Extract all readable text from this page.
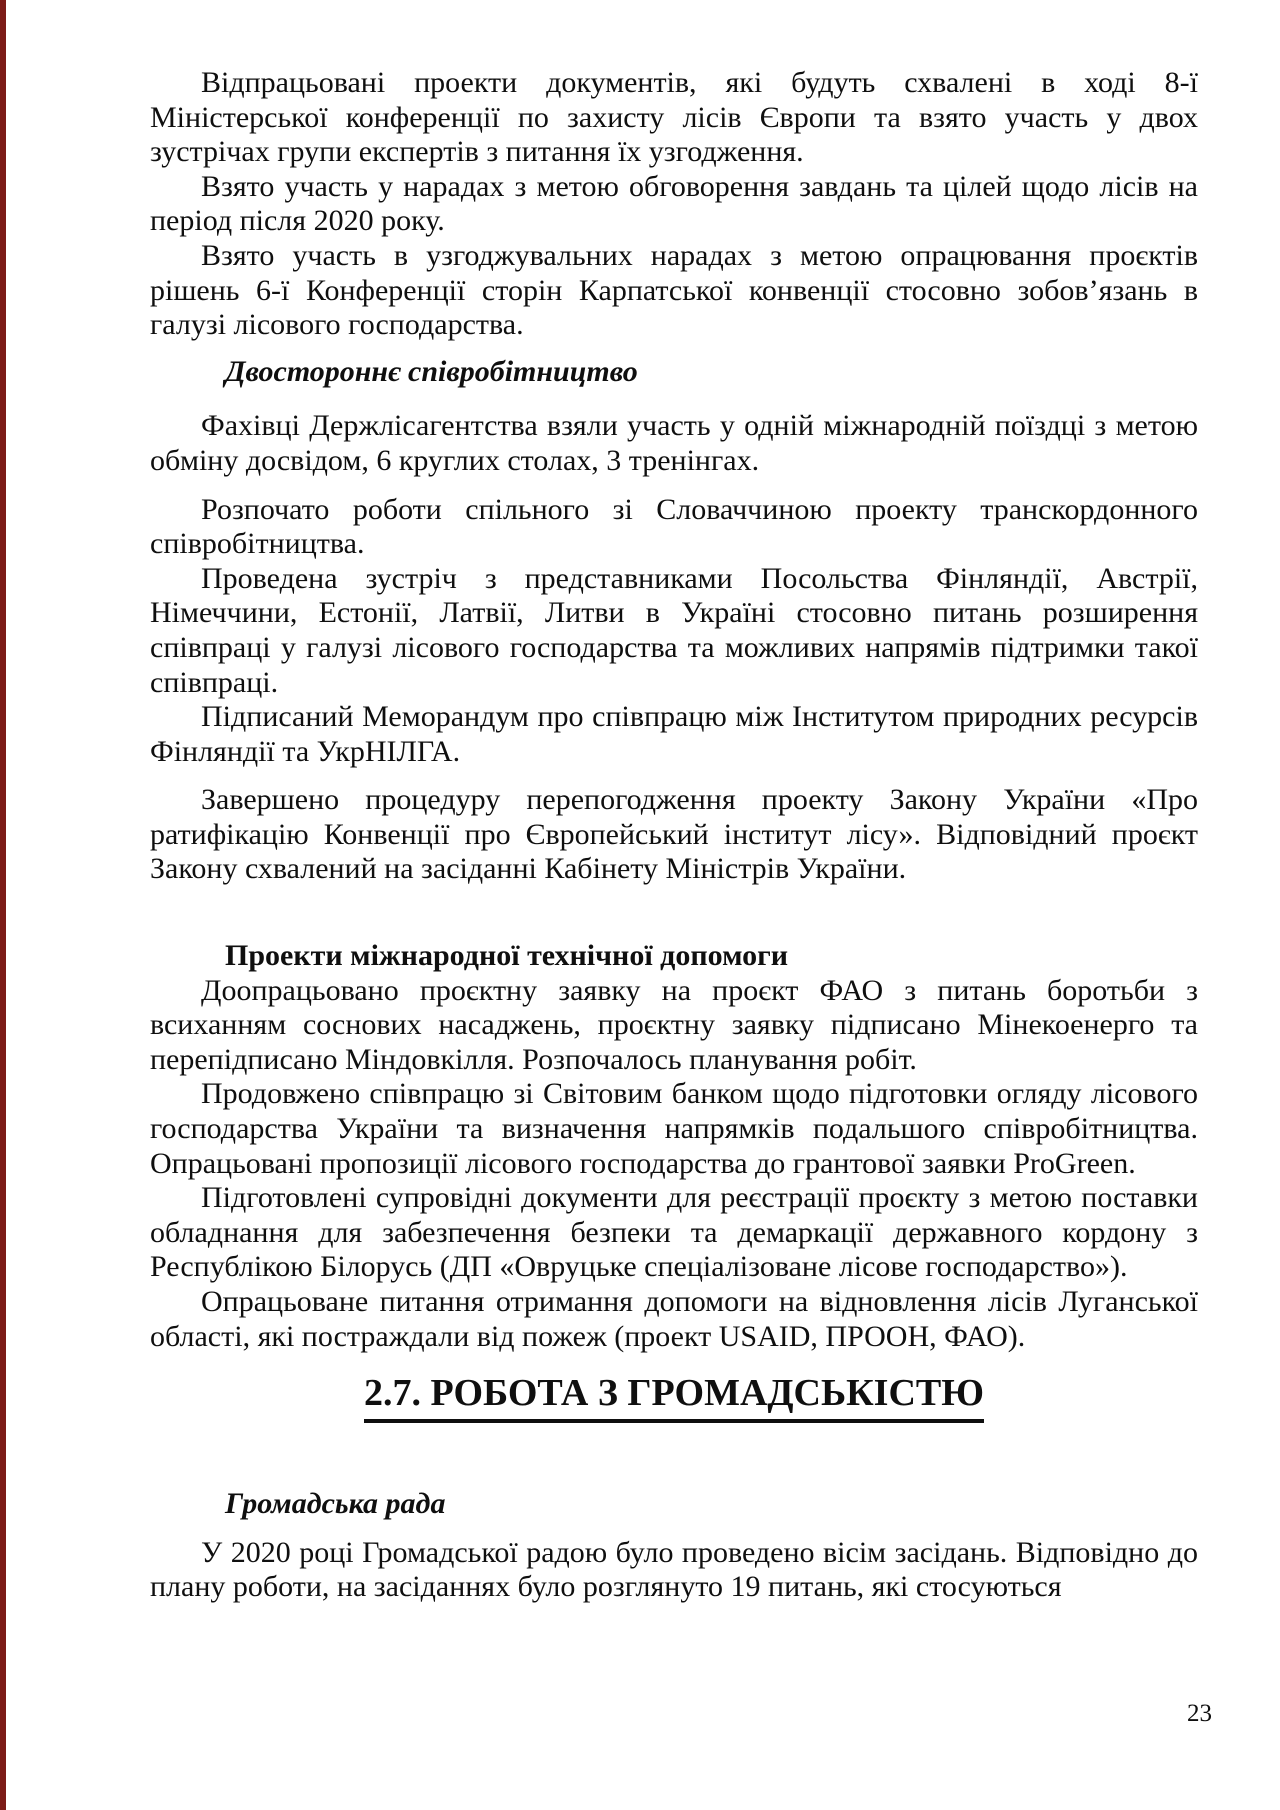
Відпрацьовані проекти документів, які будуть схвалені в ході 8-ї Міністерської конференції по захисту лісів Європи та взято участь у двох зустрічах групи експертів з питання їх узгодження.

Взято участь у нарадах з метою обговорення завдань та цілей щодо лісів на період після 2020 року.

Взято участь в узгоджувальних нарадах з метою опрацювання проєктів рішень 6-ї Конференції сторін Карпатської конвенції стосовно зобов’язань в галузі лісового господарства.

Двостороннє співробітництво

Фахівці Держлісагентства взяли участь у одній міжнародній поїздці з метою обміну досвідом, 6 круглих столах, 3 тренінгах.

Розпочато роботи спільного зі Словаччиною проекту транскордонного співробітництва.

Проведена зустріч з представниками Посольства Фінляндії, Австрії, Німеччини, Естонії, Латвії, Литви в Україні стосовно питань розширення співпраці у галузі лісового господарства та можливих напрямів підтримки такої співпраці.

Підписаний Меморандум про співпрацю між Інститутом природних ресурсів Фінляндії та УкрНІЛГА.

Завершено процедуру перепогодження проекту Закону України «Про ратифікацію Конвенції про Європейський інститут лісу». Відповідний проєкт Закону схвалений на засіданні Кабінету Міністрів України.

Проекти міжнародної технічної допомоги

Доопрацьовано проєктну заявку на проєкт ФАО з питань боротьби з всиханням соснових насаджень, проєктну заявку підписано Мінекоенерго та перепідписано Міндовкілля. Розпочалось планування робіт.

Продовжено співпрацю зі Світовим банком щодо підготовки огляду лісового господарства України та визначення напрямків подальшого співробітництва. Опрацьовані пропозиції лісового господарства до грантової заявки ProGreen.

Підготовлені супровідні документи для реєстрації проєкту з метою поставки обладнання для забезпечення безпеки та демаркації державного кордону з Республікою Білорусь (ДП «Овруцьке спеціалізоване лісове господарство»).

Опрацьоване питання отримання допомоги на відновлення лісів Луганської області, які постраждали від пожеж (проект USAID, ПРООН, ФАО).

2.7. РОБОТА З ГРОМАДСЬКІСТЮ

Громадська рада

У 2020 році Громадської радою було проведено вісім засідань. Відповідно до плану роботи, на засіданнях було розглянуто 19 питань, які стосуються

23
